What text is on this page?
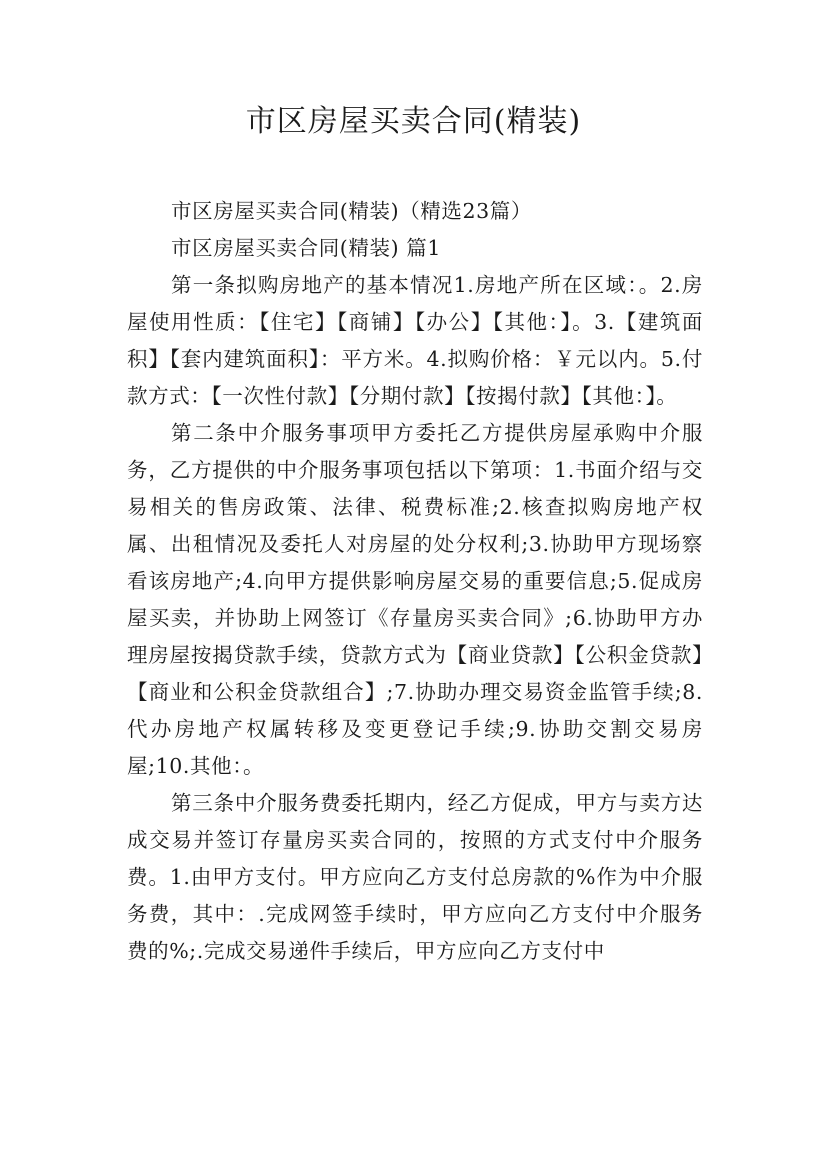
市区房屋买卖合同(精装)

市区房屋买卖合同(精装)（精选23篇）

市区房屋买卖合同(精装) 篇1

第一条拟购房地产的基本情况1.房地产所在区域：。2.房屋使用性质：【住宅】【商铺】【办公】【其他：】。3.【建筑面积】【套内建筑面积】：平方米。4.拟购价格：￥元以内。5.付款方式：【一次性付款】【分期付款】【按揭付款】【其他：】。

第二条中介服务事项甲方委托乙方提供房屋承购中介服务，乙方提供的中介服务事项包括以下第项：1.书面介绍与交易相关的售房政策、法律、税费标准;2.核查拟购房地产权属、出租情况及委托人对房屋的处分权利;3.协助甲方现场察看该房地产;4.向甲方提供影响房屋交易的重要信息;5.促成房屋买卖，并协助上网签订《存量房买卖合同》;6.协助甲方办理房屋按揭贷款手续，贷款方式为【商业贷款】【公积金贷款】【商业和公积金贷款组合】;7.协助办理交易资金监管手续;8.代办房地产权属转移及变更登记手续;9.协助交割交易房屋;10.其他：。

第三条中介服务费委托期内，经乙方促成，甲方与卖方达成交易并签订存量房买卖合同的，按照的方式支付中介服务费。1.由甲方支付。甲方应向乙方支付总房款的%作为中介服务费，其中：.完成网签手续时，甲方应向乙方支付中介服务费的%;.完成交易递件手续后，甲方应向乙方支付中
